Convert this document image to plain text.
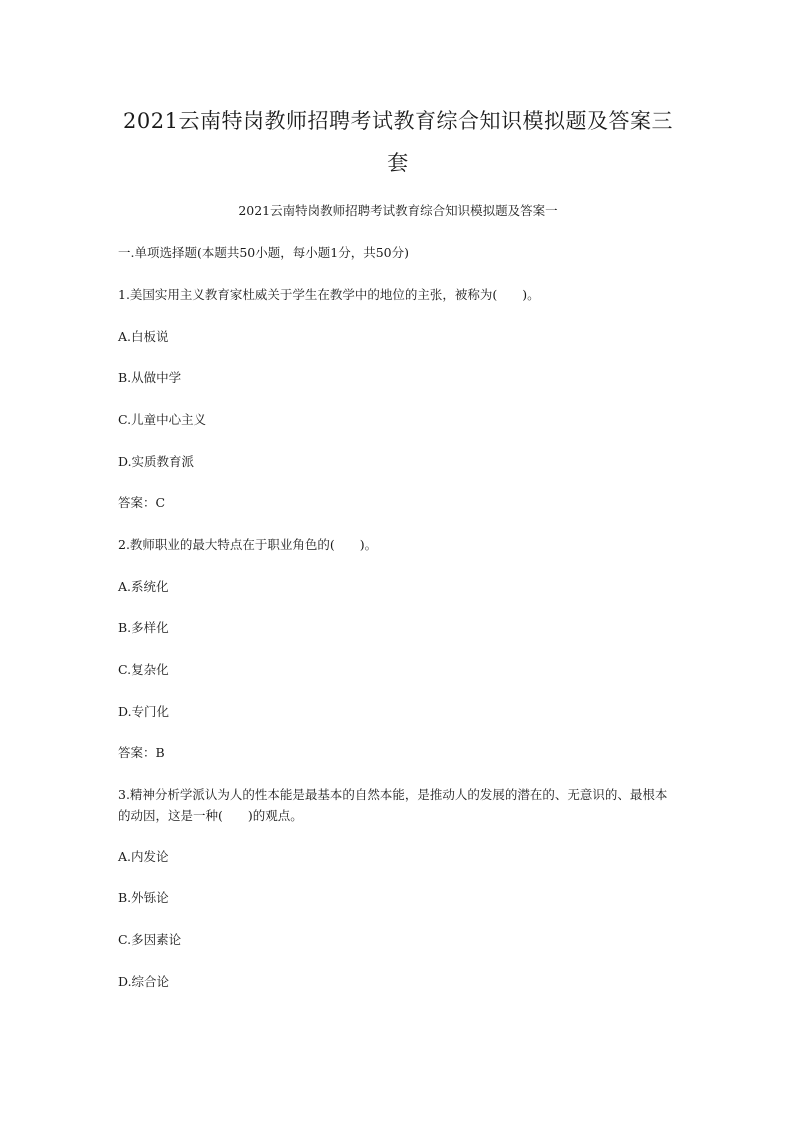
2021云南特岗教师招聘考试教育综合知识模拟题及答案三套

2021云南特岗教师招聘考试教育综合知识模拟题及答案一

一.单项选择题(本题共50小题，每小题1分，共50分)

1.美国实用主义教育家杜威关于学生在教学中的地位的主张，被称为(　　)。

A.白板说

B.从做中学

C.儿童中心主义

D.实质教育派

答案：C

2.教师职业的最大特点在于职业角色的(　　)。

A.系统化

B.多样化

C.复杂化

D.专门化

答案：B

3.精神分析学派认为人的性本能是最基本的自然本能，是推动人的发展的潜在的、无意识的、最根本的动因，这是一种(　　)的观点。

A.内发论

B.外铄论

C.多因素论

D.综合论
